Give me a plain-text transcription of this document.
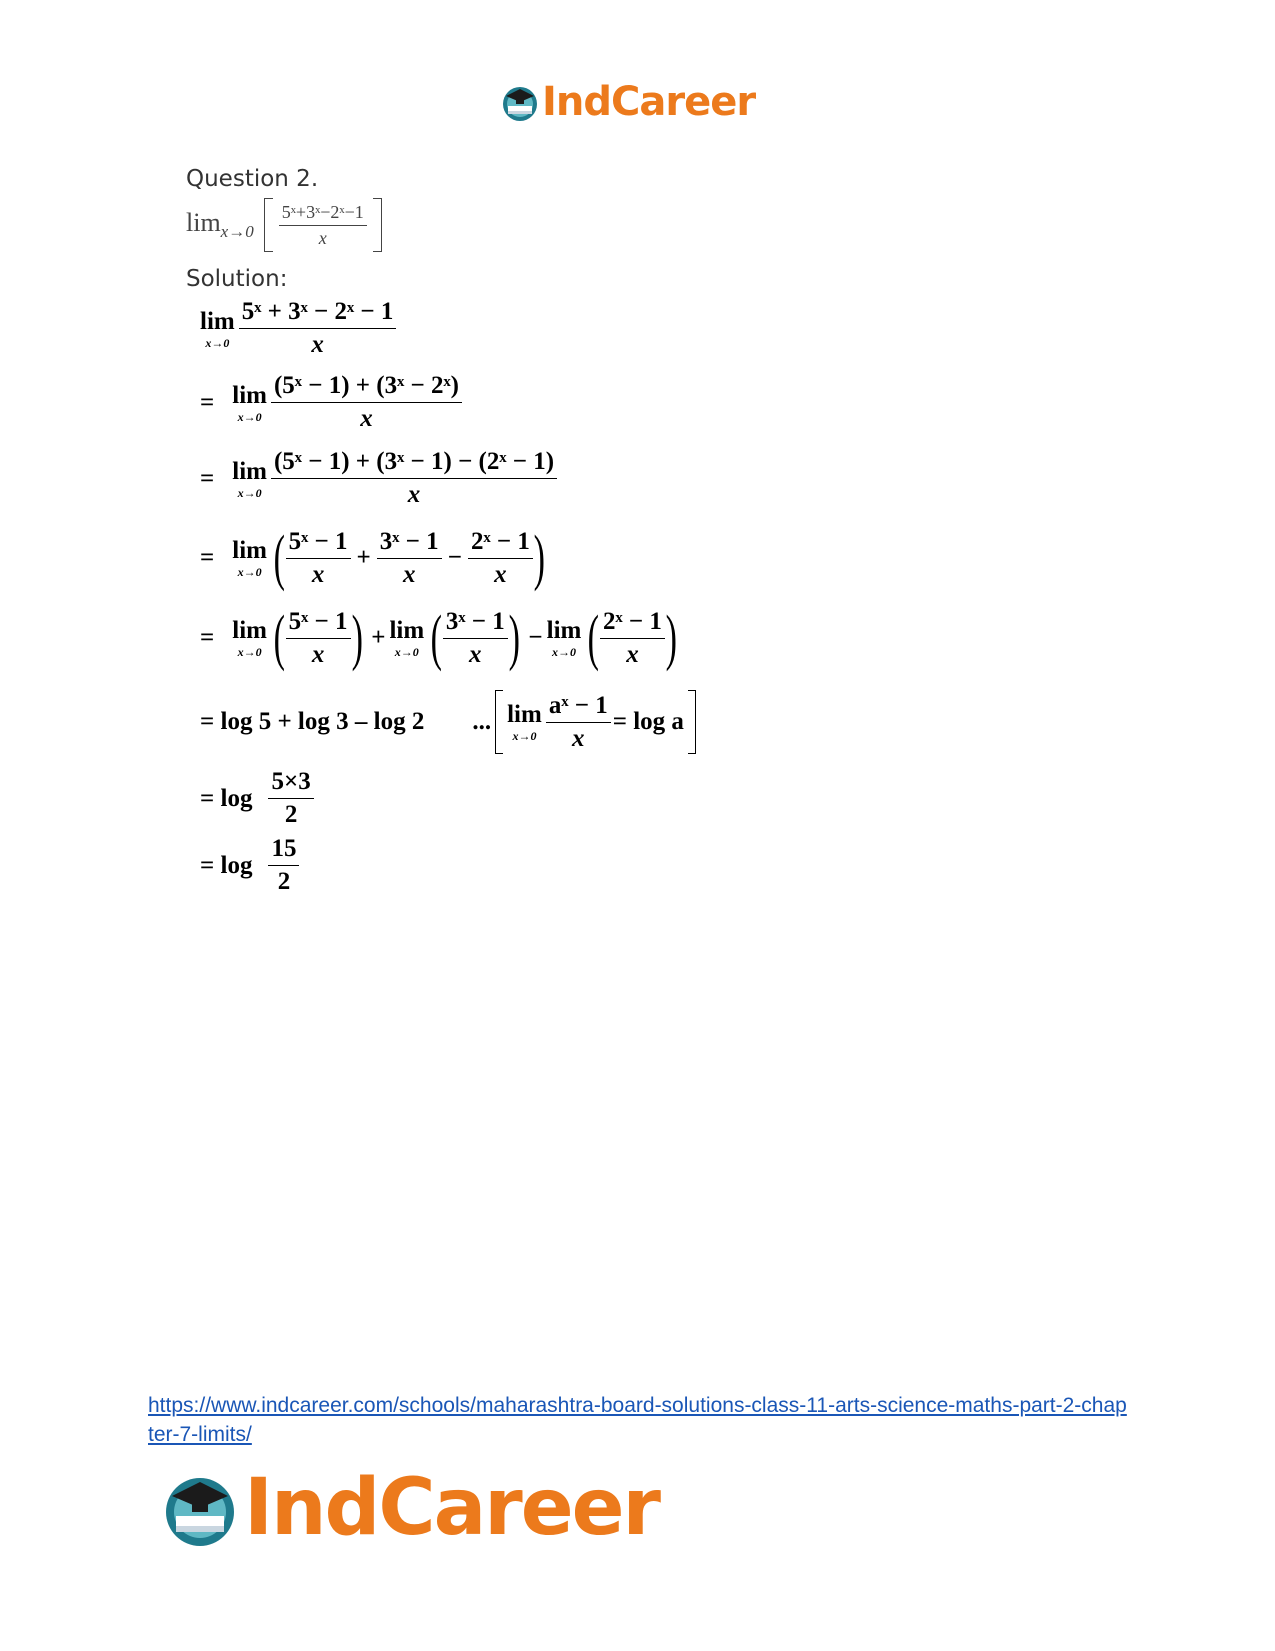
IndCareer
Question 2.
$\lim_{x\to 0} \frac{\text{5ˣ+3ˣ−2ˣ−1}}{x}$
Solution:
lim
$x\to 0 \frac{\text{5ˣ + 3ˣ − 2ˣ − 1}}{x}$
= lim
$x\to 0 \frac{\text{(5ˣ − 1) + (3ˣ − 2ˣ)}}{x}$
= lim
$x\to 0 \frac{\text{(5ˣ − 1) + (3ˣ − 1) − (2ˣ − 1)}}{x}$
= lim
x→0 ( $\frac{\text{5ˣ − 1}}{x} + \frac{\text{3ˣ − 1}}{x} - \frac{\text{2ˣ − 1}}{x}$ )
= lim
x→0 ( $\frac{\text{5ˣ − 1}}{x}$ ) + lim
x→0 ( $\frac{\text{3ˣ − 1}}{x}$ ) − lim
x→0 ( $\frac{\text{2ˣ − 1}}{x}$ )
= log 5 + log 3 – log 2 ... lim
$x\to 0 \frac{\text{aˣ − 1}}{x} = \log a$
= $\log \frac{5\times 3}{2}$
= $\log \frac{15}{2}$
https://www.indcareer.com/schools/maharashtra-board-solutions-class-11-arts-science-maths-part-2-chapter-7-limits/
IndCareer
